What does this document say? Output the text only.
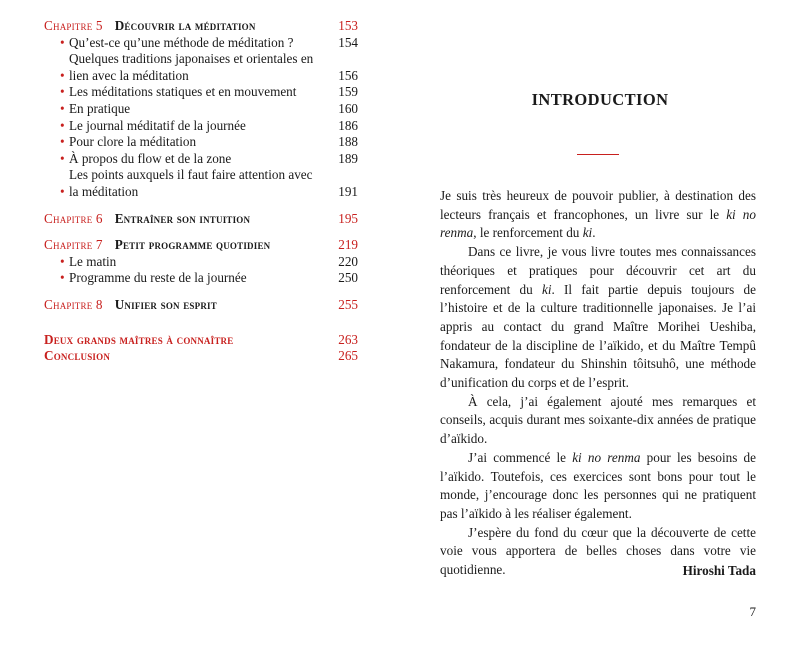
Chapitre 5 Découvrir la méditation	153
• Qu’est-ce qu’une méthode de méditation ?	154
• Quelques traditions japonaises et orientales en lien avec la méditation	156
• Les méditations statiques et en mouvement	159
• En pratique	160
• Le journal méditatif de la journée	186
• Pour clore la méditation	188
• À propos du flow et de la zone	189
• Les points auxquels il faut faire attention avec la méditation	191
Chapitre 6 Entraîner son intuition	195
Chapitre 7 Petit programme quotidien	219
• Le matin	220
• Programme du reste de la journée	250
Chapitre 8 Unifier son esprit	255
Deux grands maîtres à connaître	263
Conclusion	265
INTRODUCTION

Je suis très heureux de pouvoir publier, à destination des lecteurs français et francophones, un livre sur le ki no renma, le renforcement du ki.

Dans ce livre, je vous livre toutes mes connaissances théoriques et pratiques pour découvrir cet art du renforcement du ki. Il fait partie depuis toujours de l’histoire et de la culture traditionnelle japonaises. Je l’ai appris au contact du grand Maître Morihei Ueshiba, fondateur de la discipline de l’aïkido, et du Maître Tempû Nakamura, fondateur du Shinshin tôitsuhô, une méthode d’unification du corps et de l’esprit.

À cela, j’ai également ajouté mes remarques et conseils, acquis durant mes soixante-dix années de pratique d’aïkido.

J’ai commencé le ki no renma pour les besoins de l’aïkido. Toutefois, ces exercices sont bons pour tout le monde, j’encourage donc les personnes qui ne pratiquent pas l’aïkido à les réaliser également.

J’espère du fond du cœur que la découverte de cette voie vous apportera de belles choses dans votre vie quotidienne.	Hiroshi Tada
7
